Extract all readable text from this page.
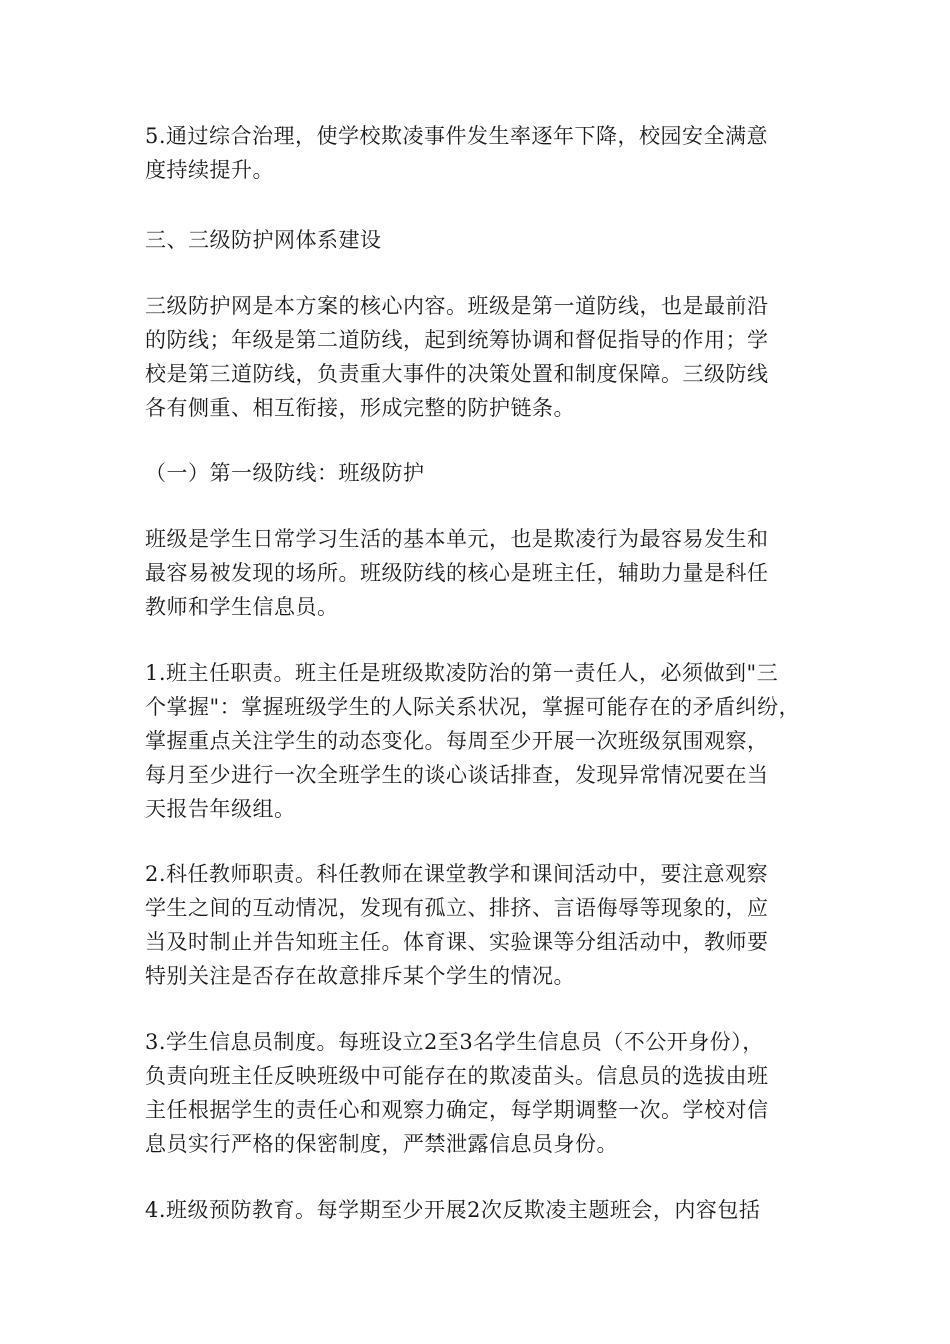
5.通过综合治理，使学校欺凌事件发生率逐年下降，校园安全满意
度持续提升。
三、三级防护网体系建设
三级防护网是本方案的核心内容。班级是第一道防线，也是最前沿
的防线；年级是第二道防线，起到统筹协调和督促指导的作用；学
校是第三道防线，负责重大事件的决策处置和制度保障。三级防线
各有侧重、相互衔接，形成完整的防护链条。
（一）第一级防线：班级防护
班级是学生日常学习生活的基本单元，也是欺凌行为最容易发生和
最容易被发现的场所。班级防线的核心是班主任，辅助力量是科任
教师和学生信息员。
1.班主任职责。班主任是班级欺凌防治的第一责任人，必须做到"三
个掌握"：掌握班级学生的人际关系状况，掌握可能存在的矛盾纠纷，
掌握重点关注学生的动态变化。每周至少开展一次班级氛围观察，
每月至少进行一次全班学生的谈心谈话排查，发现异常情况要在当
天报告年级组。
2.科任教师职责。科任教师在课堂教学和课间活动中，要注意观察
学生之间的互动情况，发现有孤立、排挤、言语侮辱等现象的，应
当及时制止并告知班主任。体育课、实验课等分组活动中，教师要
特别关注是否存在故意排斥某个学生的情况。
3.学生信息员制度。每班设立2至3名学生信息员（不公开身份），
负责向班主任反映班级中可能存在的欺凌苗头。信息员的选拔由班
主任根据学生的责任心和观察力确定，每学期调整一次。学校对信
息员实行严格的保密制度，严禁泄露信息员身份。
4.班级预防教育。每学期至少开展2次反欺凌主题班会，内容包括
